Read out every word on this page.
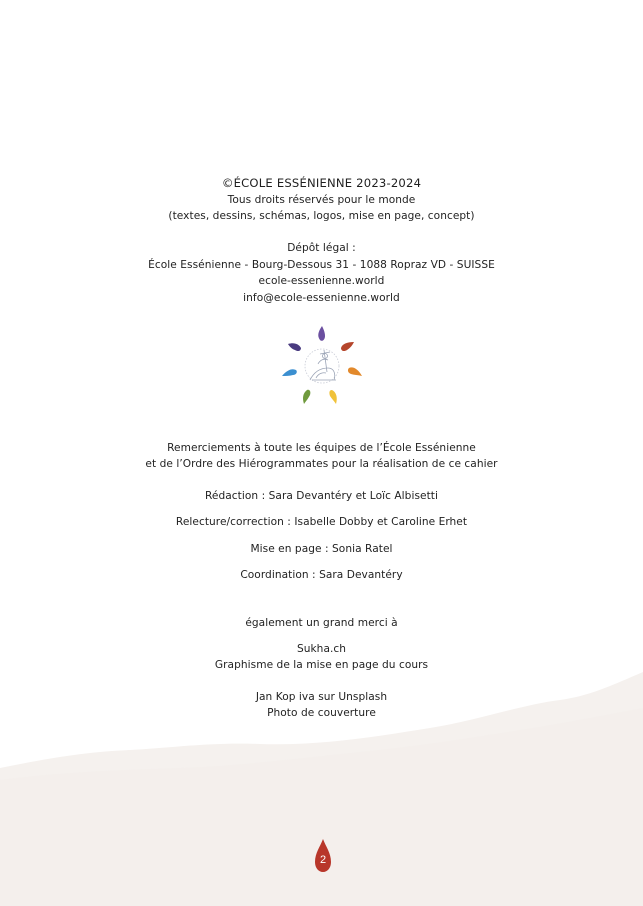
©ÉCOLE ESSÉNIENNE 2023-2024
Tous droits réservés pour le monde
(textes, dessins, schémas, logos, mise en page, concept)
Dépôt légal :
École Essénienne - Bourg-Dessous 31 - 1088 Ropraz VD - SUISSE
ecole-essenienne.world
info@ecole-essenienne.world
Remerciements à toute les équipes de l’École Essénienne
et de l’Ordre des Hiérogrammates pour la réalisation de ce cahier
Rédaction : Sara Devantéry et Loïc Albisetti
Relecture/correction : Isabelle Dobby et Caroline Erhet
Mise en page : Sonia Ratel
Coordination : Sara Devantéry
également un grand merci à
Sukha.ch
Graphisme de la mise en page du cours
Jan Kop iva sur Unsplash
Photo de couverture
2
